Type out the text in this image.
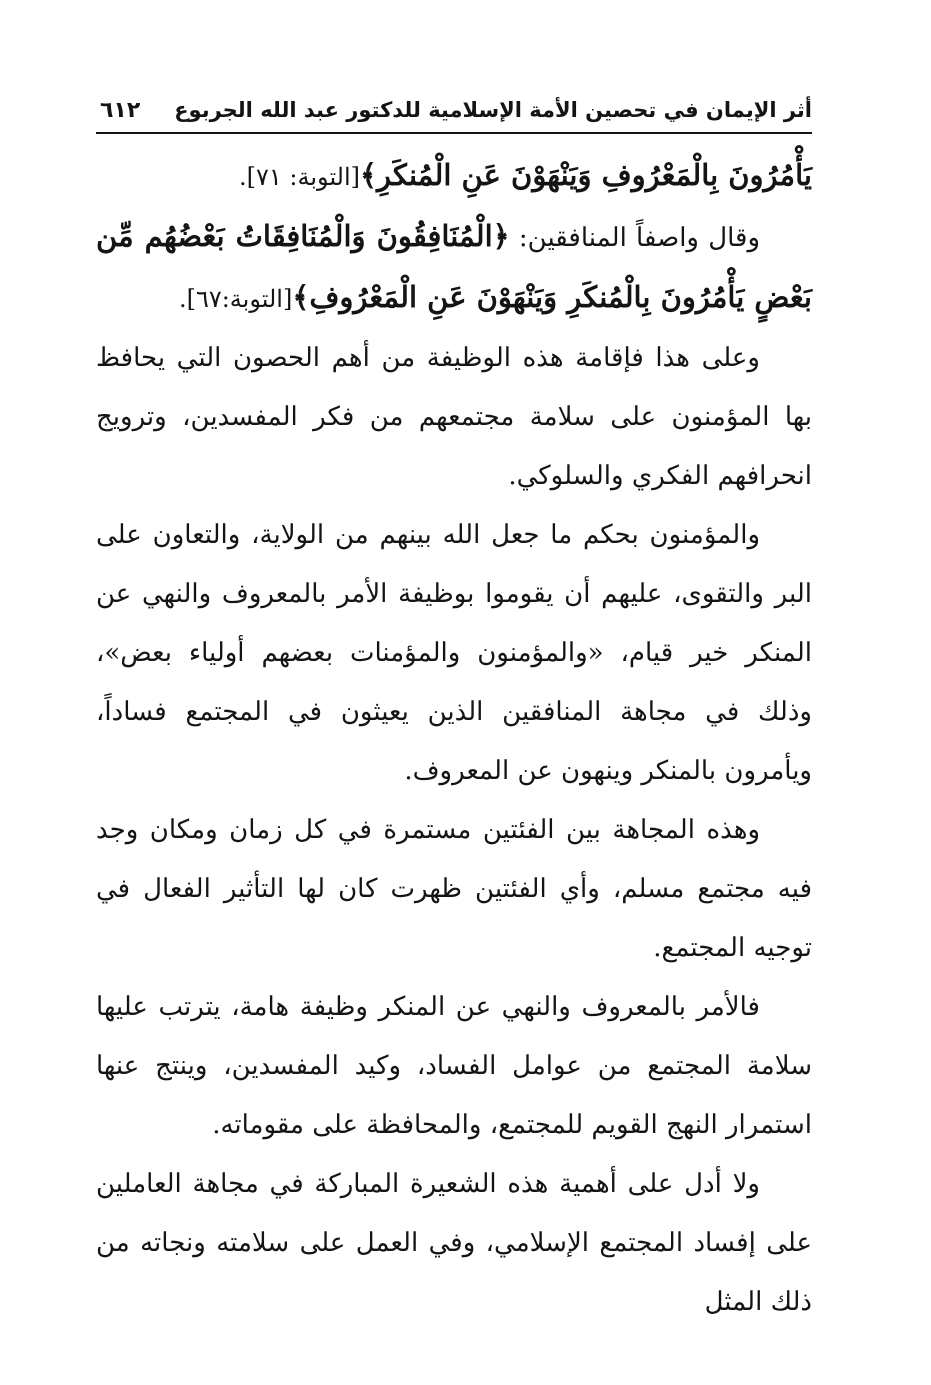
أثر الإيمان في تحصين الأمة الإسلامية للدكتور عبد الله الجربوع
٦١٢

يَأْمُرُونَ بِالْمَعْرُوفِ وَيَنْهَوْنَ عَنِ الْمُنكَرِ﴾[التوبة: ٧١].

وقال واصفاً المنافقين: ﴿الْمُنَافِقُونَ وَالْمُنَافِقَاتُ بَعْضُهُم مِّن بَعْضٍ يَأْمُرُونَ بِالْمُنكَرِ وَيَنْهَوْنَ عَنِ الْمَعْرُوفِ﴾[التوبة:٦٧].

وعلى هذا فإقامة هذه الوظيفة من أهم الحصون التي يحافظ بها المؤمنون على سلامة مجتمعهم من فكر المفسدين، وترويج انحرافهم الفكري والسلوكي.

والمؤمنون بحكم ما جعل الله بينهم من الولاية، والتعاون على البر والتقوى، عليهم أن يقوموا بوظيفة الأمر بالمعروف والنهي عن المنكر خير قيام، «والمؤمنون والمؤمنات بعضهم أولياء بعض»، وذلك في مجاهة المنافقين الذين يعيثون في المجتمع فساداً، ويأمرون بالمنكر وينهون عن المعروف.

وهذه المجاهة بين الفئتين مستمرة في كل زمان ومكان وجد فيه مجتمع مسلم، وأي الفئتين ظهرت كان لها التأثير الفعال في توجيه المجتمع.

فالأمر بالمعروف والنهي عن المنكر وظيفة هامة، يترتب عليها سلامة المجتمع من عوامل الفساد، وكيد المفسدين، وينتج عنها استمرار النهج القويم للمجتمع، والمحافظة على مقوماته.

ولا أدل على أهمية هذه الشعيرة المباركة في مجاهة العاملين على إفساد المجتمع الإسلامي، وفي العمل على سلامته ونجاته من ذلك المثل
